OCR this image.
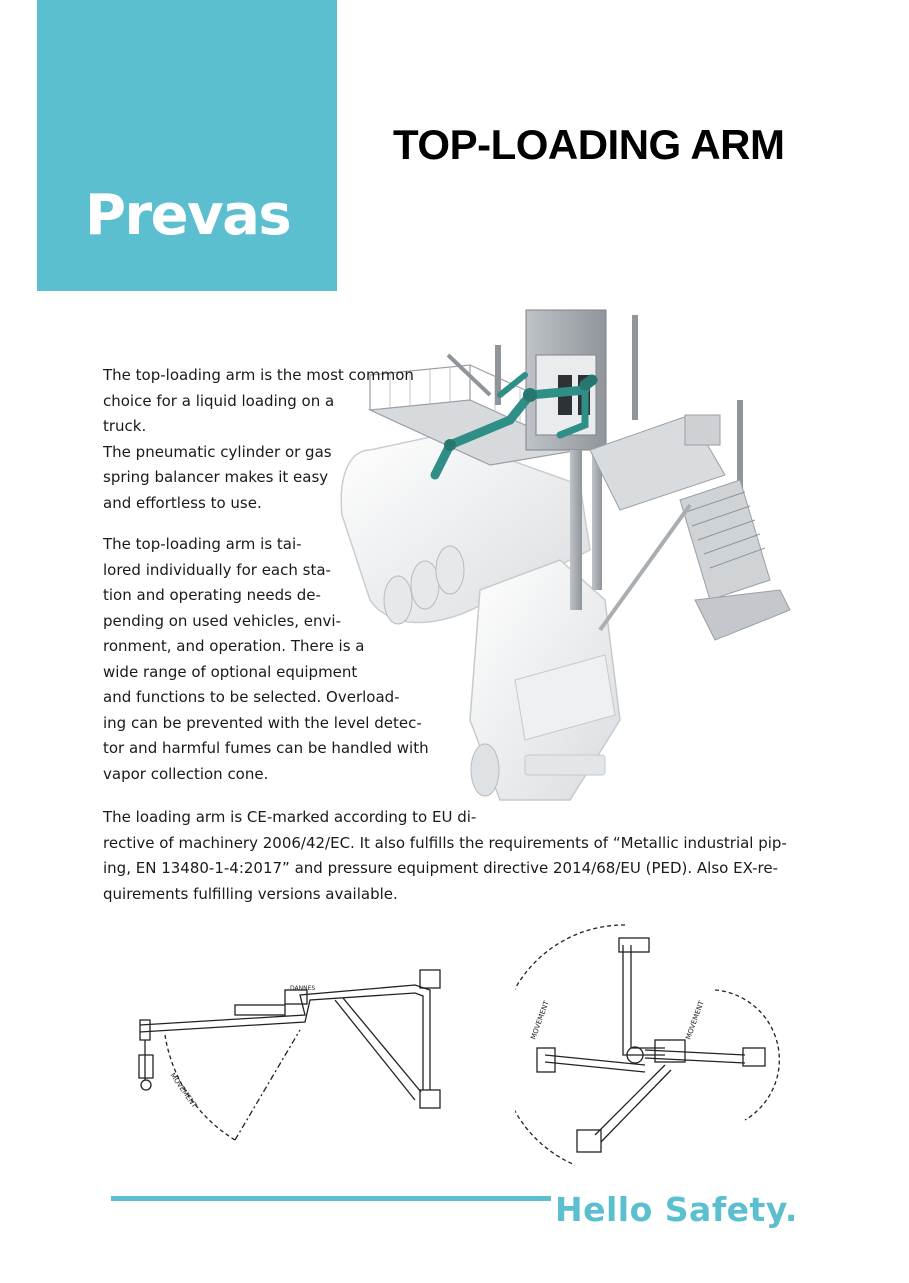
Prevas
TOP-LOADING ARM

The top-loading arm is the most common

choice for a liquid loading on a

truck.

The pneumatic cylinder or gas

spring balancer makes it easy

and effortless to use.

The top-loading arm is tai-

lored individually for each sta-

tion and operating needs de-

pending on used vehicles, envi-

ronment, and operation. There is a

wide range of optional equipment

and functions to be selected. Overload-

ing can be prevented with the level detec-

tor and harmful fumes can be handled with

vapor collection cone.

The loading arm is CE-marked according to EU di-

rective of machinery 2006/42/EC. It also fulfills the requirements of “Metallic industrial pip-

ing, EN 13480-1-4:2017” and pressure equipment directive 2014/68/EU (PED). Also EX-re-

quirements fulfilling versions available.

DANNES
MOVEMENT
MOVEMENT	MOVEMENT
Hello Safety.
